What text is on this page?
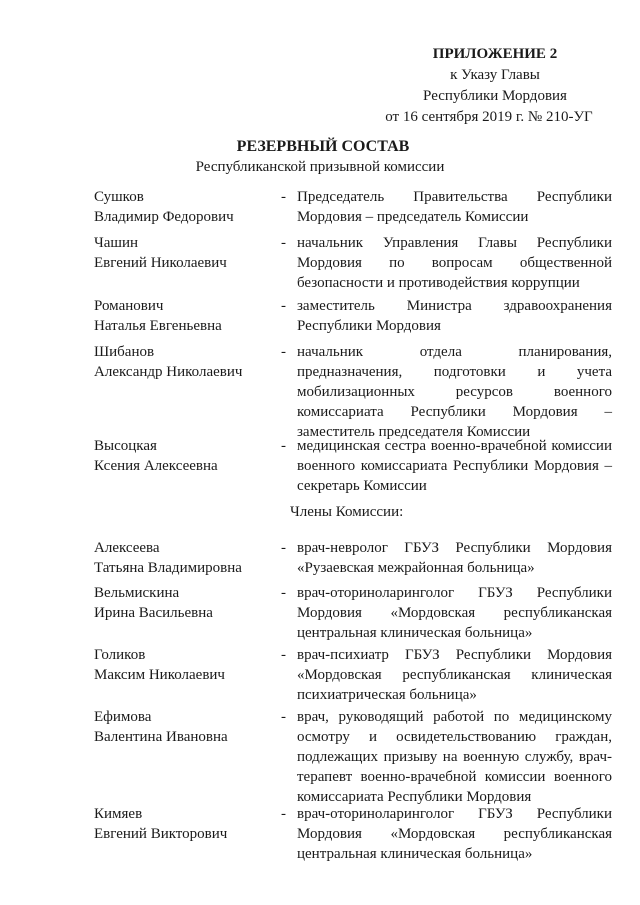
ПРИЛОЖЕНИЕ 2
к Указу Главы
Республики Мордовия
от 16 сентября 2019 г. № 210-УГ
РЕЗЕРВНЫЙ СОСТАВ
Республиканской призывной комиссии
Сушков
Владимир Федорович
- Председатель Правительства Республики Мордовия – председатель Комиссии
Чашин
Евгений Николаевич
- начальник Управления Главы Республики Мордовия по вопросам общественной безопасности и противодействия коррупции
Романович
Наталья Евгеньевна
- заместитель Министра здравоохранения Республики Мордовия
Шибанов
Александр Николаевич
- начальник отдела планирования, предназначения, подготовки и учета мобилизационных ресурсов военного комиссариата Республики Мордовия – заместитель председателя Комиссии
Высоцкая
Ксения Алексеевна
- медицинская сестра военно-врачебной комиссии военного комиссариата Республики Мордовия – секретарь Комиссии
Члены Комиссии:
Алексеева
Татьяна Владимировна
- врач-невролог ГБУЗ Республики Мордовия «Рузаевская межрайонная больница»
Вельмискина
Ирина Васильевна
- врач-оториноларинголог ГБУЗ Республики Мордовия «Мордовская республиканская центральная клиническая больница»
Голиков
Максим Николаевич
- врач-психиатр ГБУЗ Республики Мордовия «Мордовская республиканская клиническая психиатрическая больница»
Ефимова
Валентина Ивановна
- врач, руководящий работой по медицинскому осмотру и освидетельствованию граждан, подлежащих призыву на военную службу, врач-терапевт военно-врачебной комиссии военного комиссариата Республики Мордовия
Кимяев
Евгений Викторович
- врач-оториноларинголог ГБУЗ Республики Мордовия «Мордовская республиканская центральная клиническая больница»
